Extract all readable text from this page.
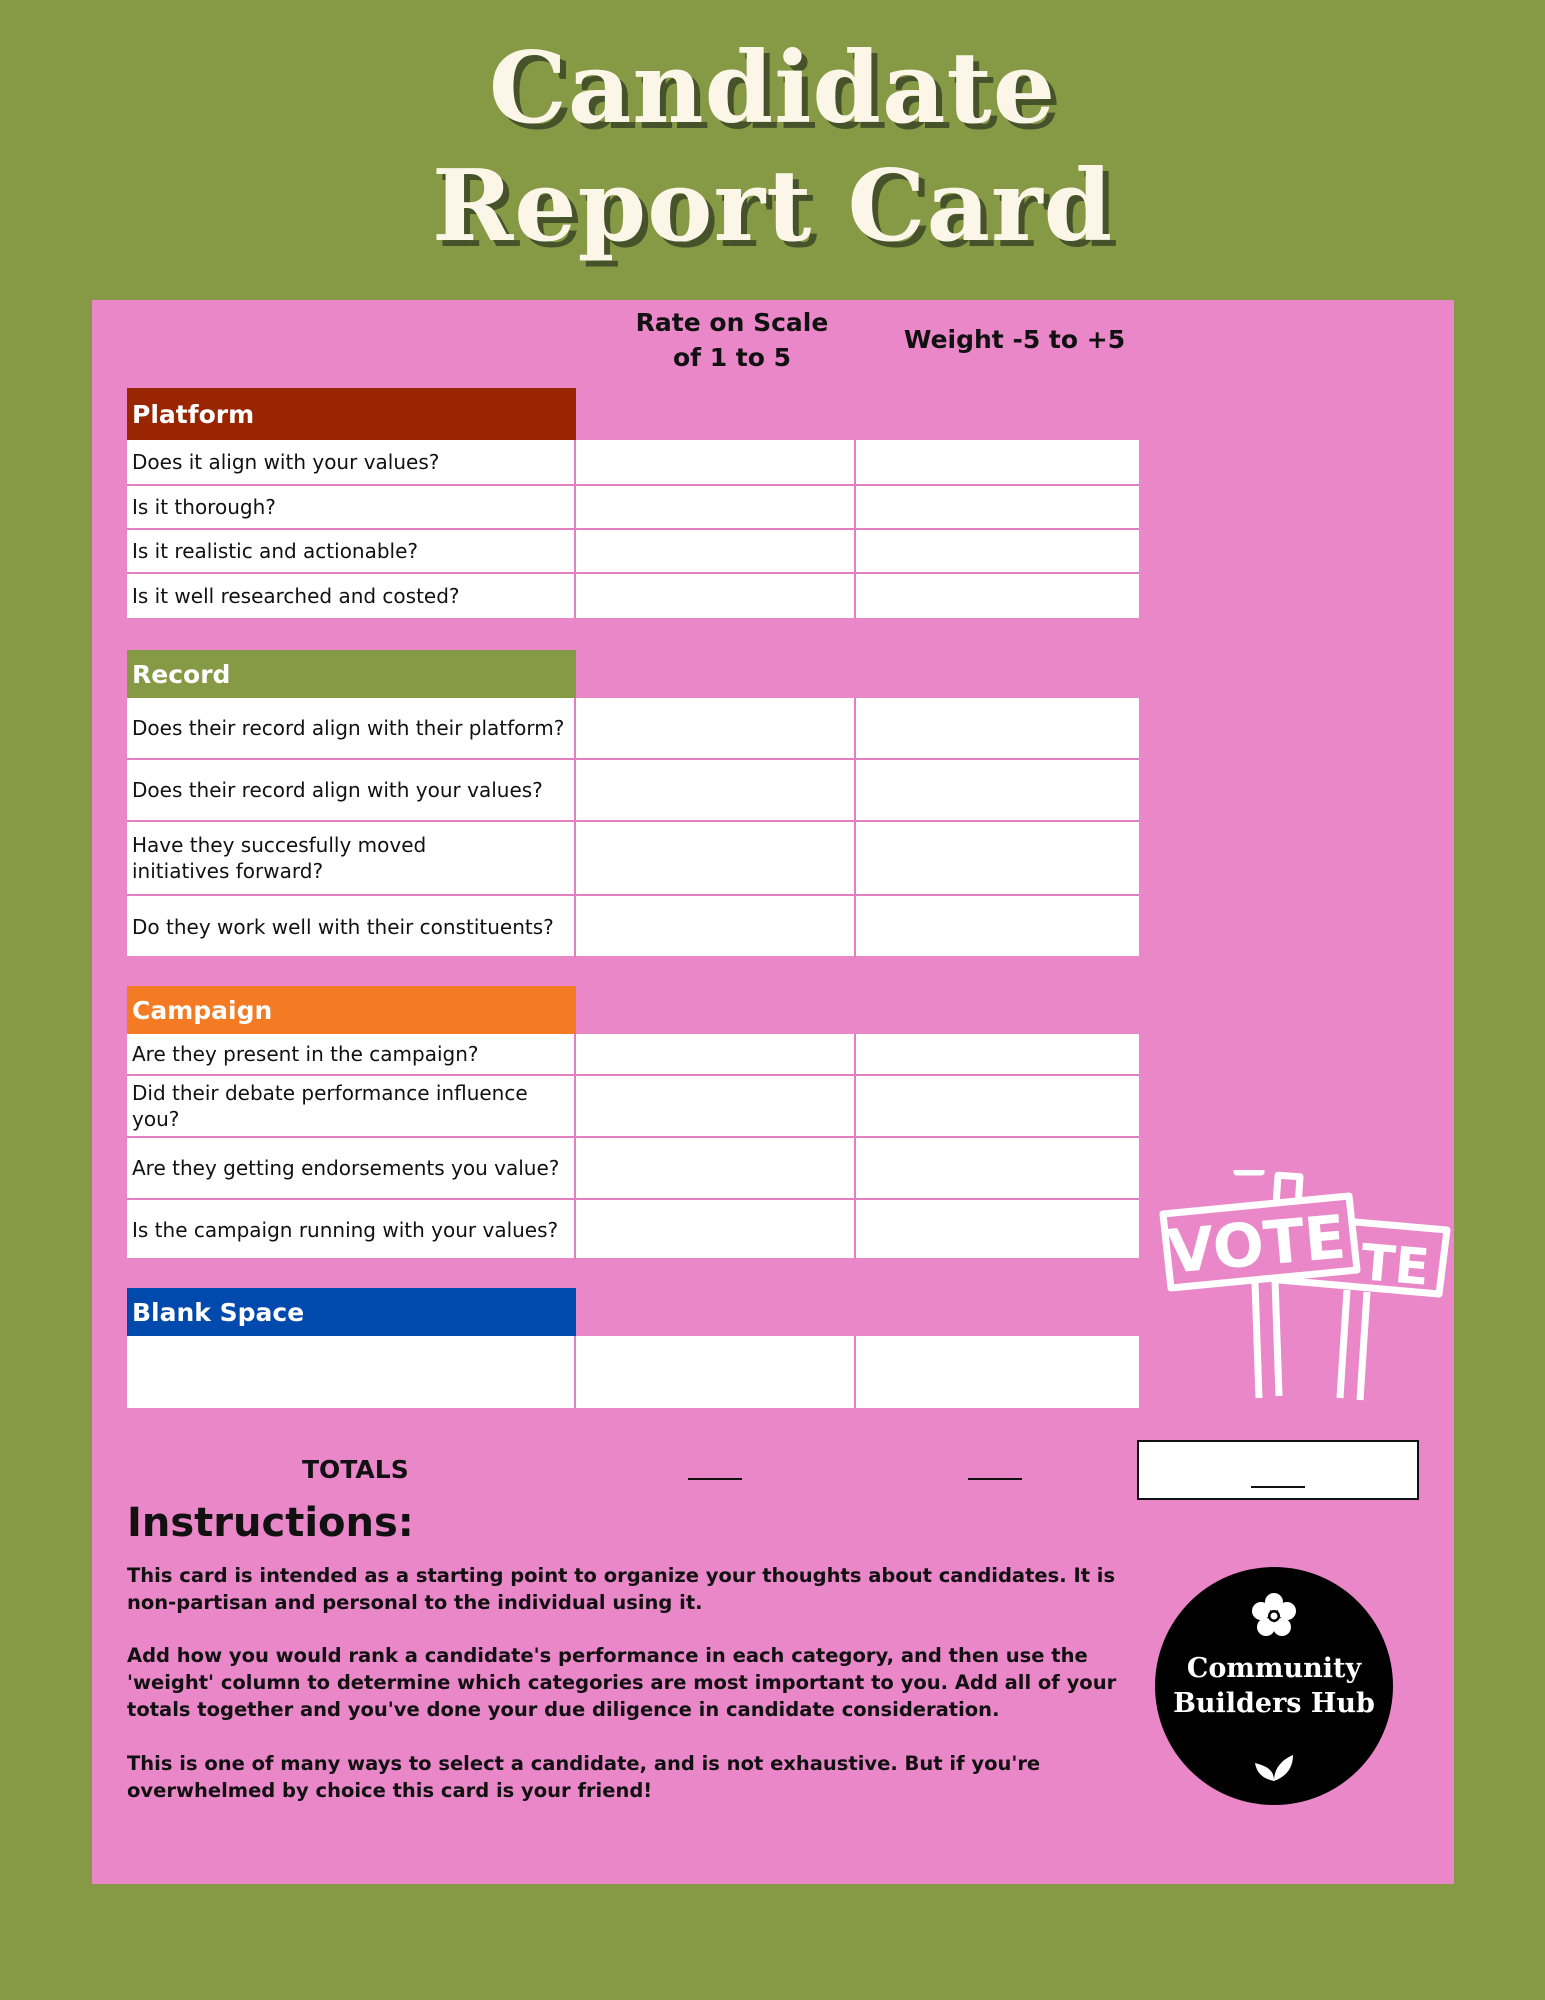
Candidate
Report Card
Rate on Scale
of 1 to 5
Weight -5 to +5
Platform
Does it align with your values?
Is it thorough?
Is it realistic and actionable?
Is it well researched and costed?
Record
Does their record align with their platform?
Does their record align with your values?
Have they succesfully moved initiatives forward?
Do they work well with their constituents?
Campaign
Are they present in the campaign?
Did their debate performance influence you?
Are they getting endorsements you value?
Is the campaign running with your values?
Blank Space
TOTALS
VOTE TE
Instructions:
This card is intended as a starting point to organize your thoughts about candidates. It is non-partisan and personal to the individual using it.
Add how you would rank a candidate's performance in each category, and then use the 'weight' column to determine which categories are most important to you. Add all of your totals together and you've done your due diligence in candidate consideration.
This is one of many ways to select a candidate, and is not exhaustive. But if you're overwhelmed by choice this card is your friend!
Community
Builders Hub
